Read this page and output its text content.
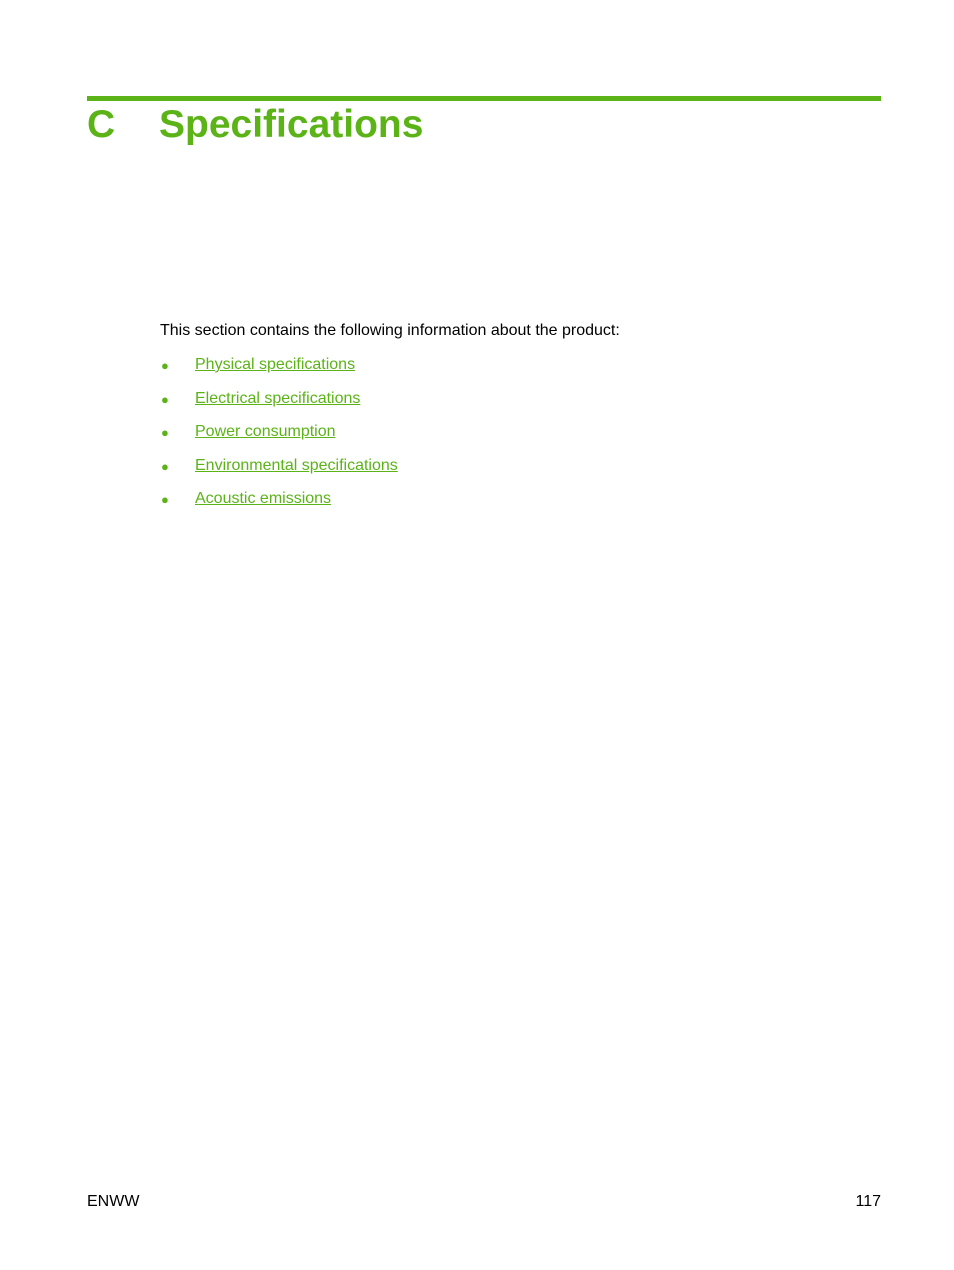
C Specifications

This section contains the following information about the product:

● Physical specifications
● Electrical specifications
● Power consumption
● Environmental specifications
● Acoustic emissions
ENWW	117
